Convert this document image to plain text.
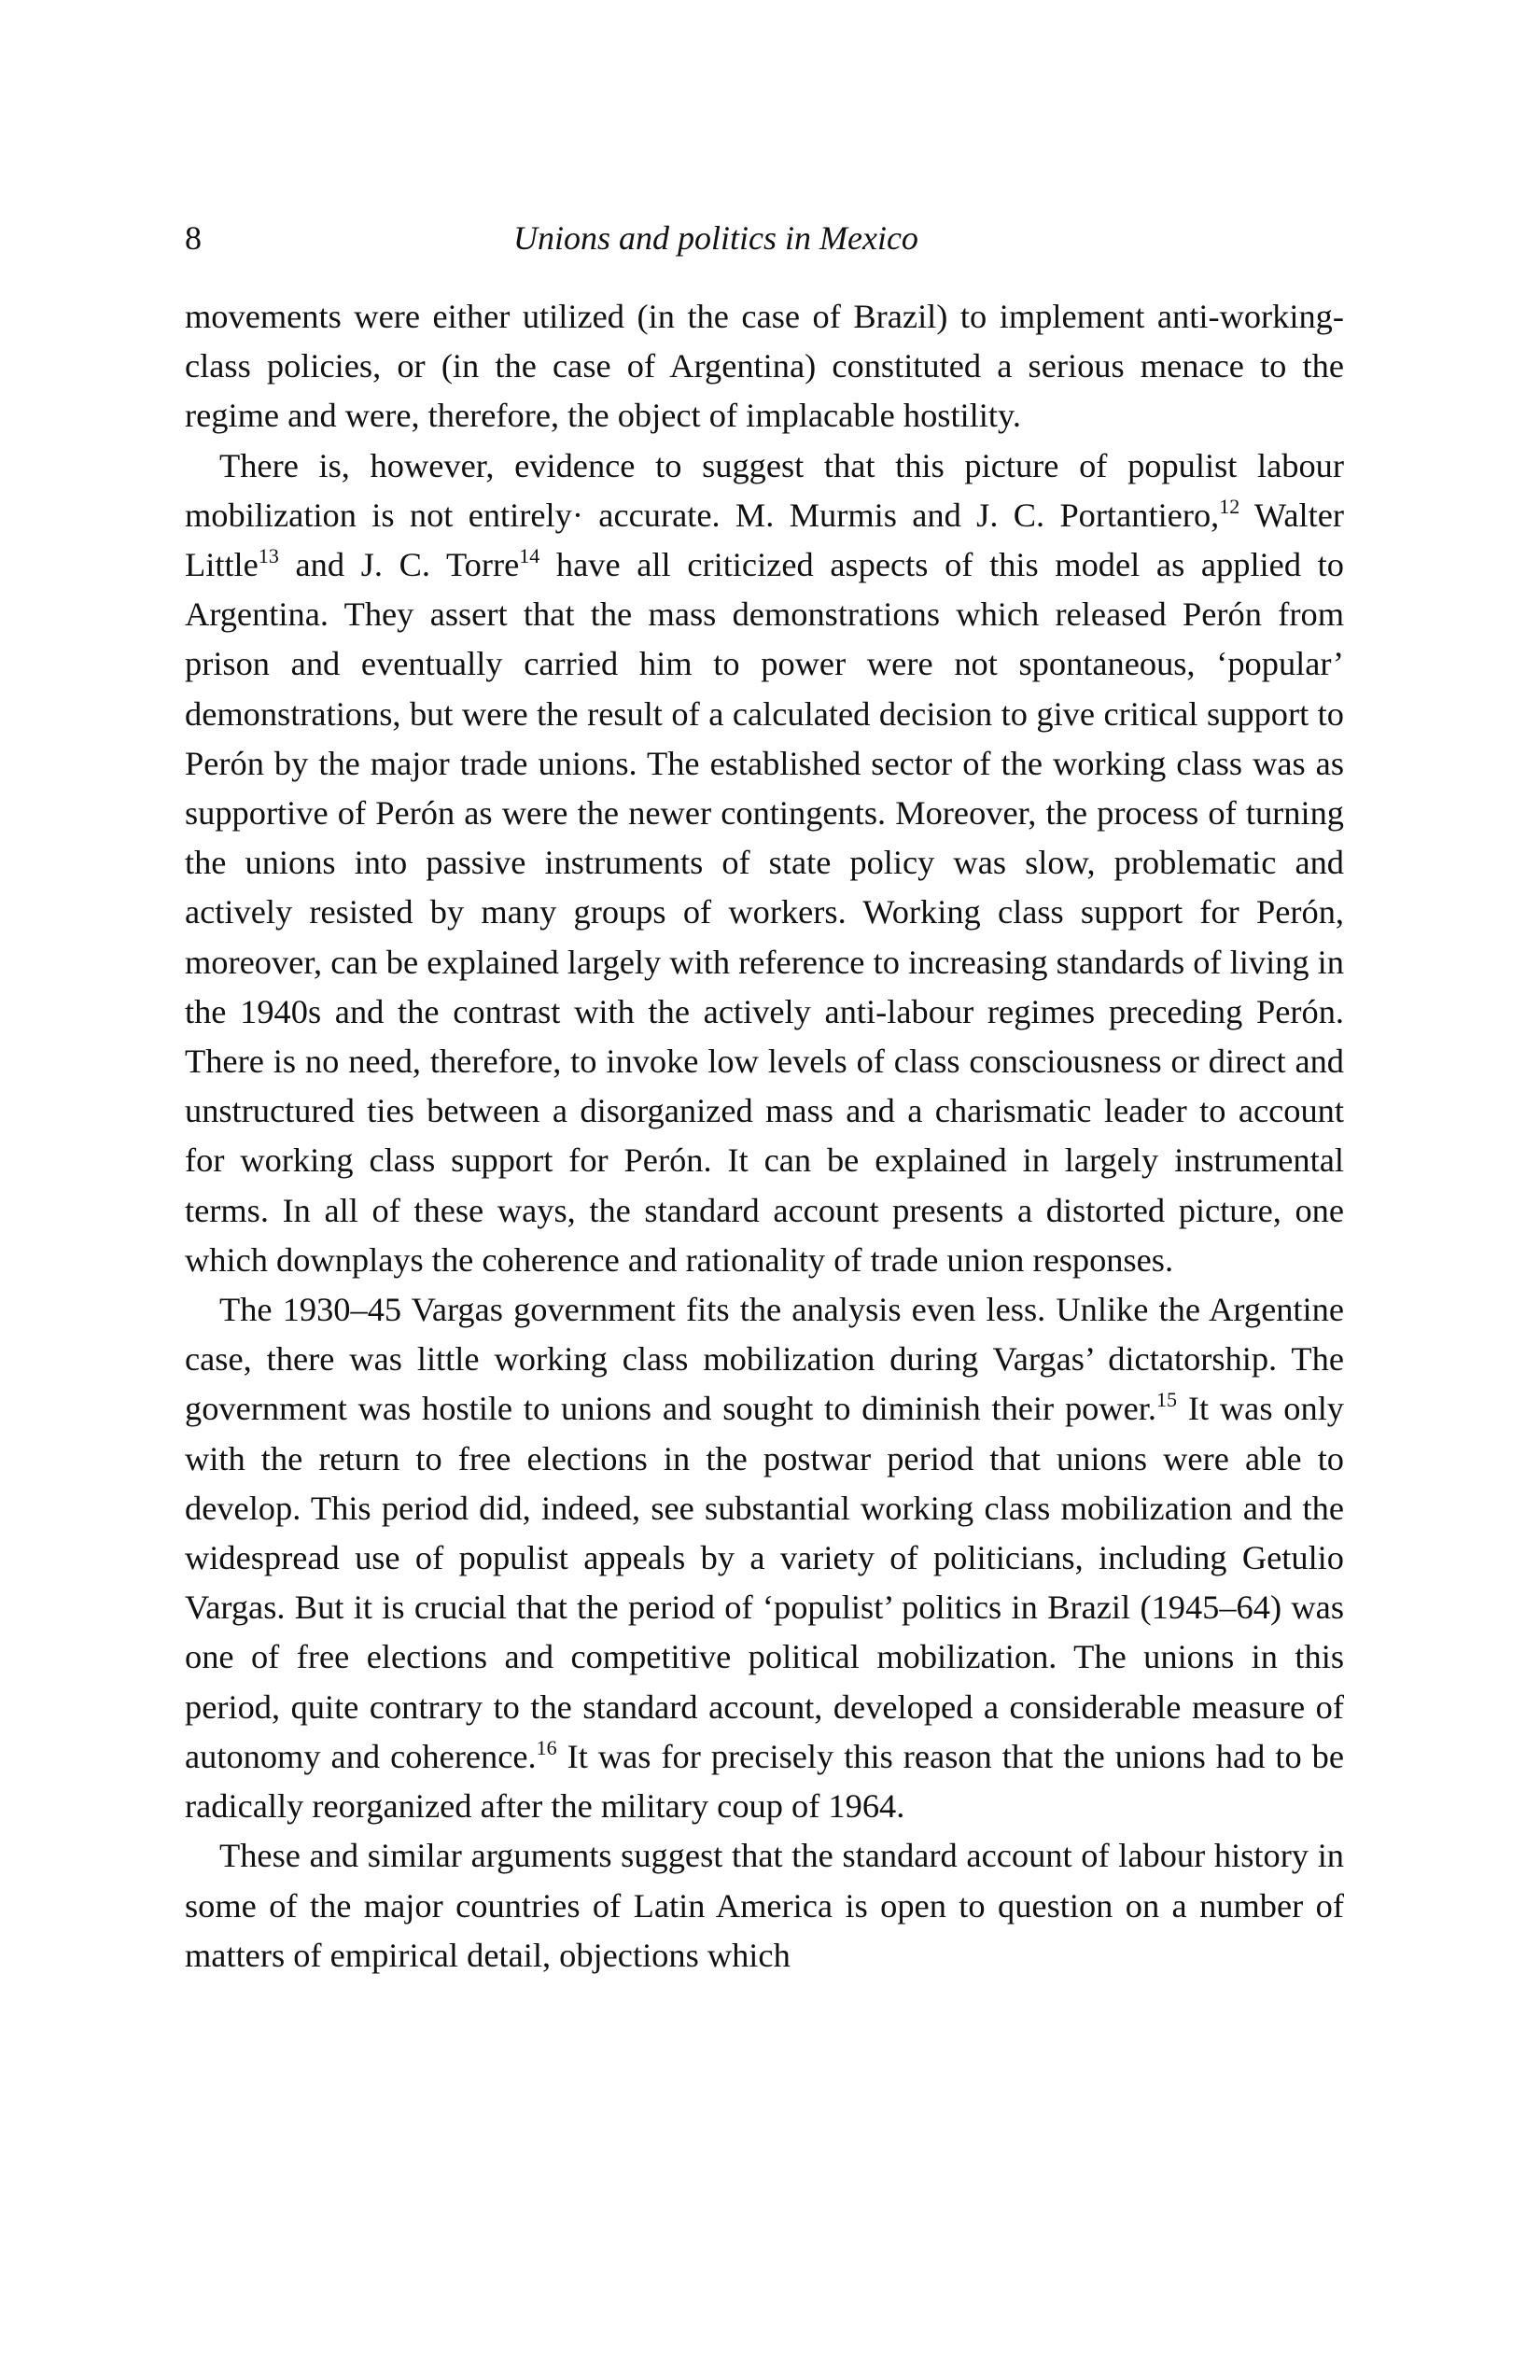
8	Unions and politics in Mexico

movements were either utilized (in the case of Brazil) to implement anti-working-class policies, or (in the case of Argentina) constituted a serious menace to the regime and were, therefore, the object of implacable hostility.

There is, however, evidence to suggest that this picture of populist labour mobilization is not entirely· accurate. M. Murmis and J. C. Portantiero,$^{12}$ Walter Little$^{13}$ and J. C. Torre$^{14}$ have all criticized aspects of this model as applied to Argentina. They assert that the mass demonstrations which released Perón from prison and eventually carried him to power were not spontaneous, ‘popular’ demonstrations, but were the result of a calculated decision to give critical support to Perón by the major trade unions. The established sector of the working class was as supportive of Perón as were the newer contingents. Moreover, the process of turning the unions into passive instruments of state policy was slow, problematic and actively resisted by many groups of workers. Working class support for Perón, moreover, can be explained largely with reference to increasing standards of living in the 1940s and the contrast with the actively anti-labour regimes preceding Perón. There is no need, therefore, to invoke low levels of class consciousness or direct and unstructured ties between a disorganized mass and a charismatic leader to account for working class support for Perón. It can be explained in largely instrumental terms. In all of these ways, the standard account presents a distorted picture, one which downplays the coherence and rationality of trade union responses.

The 1930–45 Vargas government fits the analysis even less. Unlike the Argentine case, there was little working class mobilization during Vargas’ dictatorship. The government was hostile to unions and sought to diminish their power.$^{15}$ It was only with the return to free elections in the postwar period that unions were able to develop. This period did, indeed, see substantial working class mobilization and the widespread use of populist appeals by a variety of politicians, including Getulio Vargas. But it is crucial that the period of ‘populist’ politics in Brazil (1945–64) was one of free elections and competitive political mobilization. The unions in this period, quite contrary to the standard account, developed a considerable measure of autonomy and coherence.$^{16}$ It was for precisely this reason that the unions had to be radically reorganized after the military coup of 1964.

These and similar arguments suggest that the standard account of labour history in some of the major countries of Latin America is open to question on a number of matters of empirical detail, objections which
